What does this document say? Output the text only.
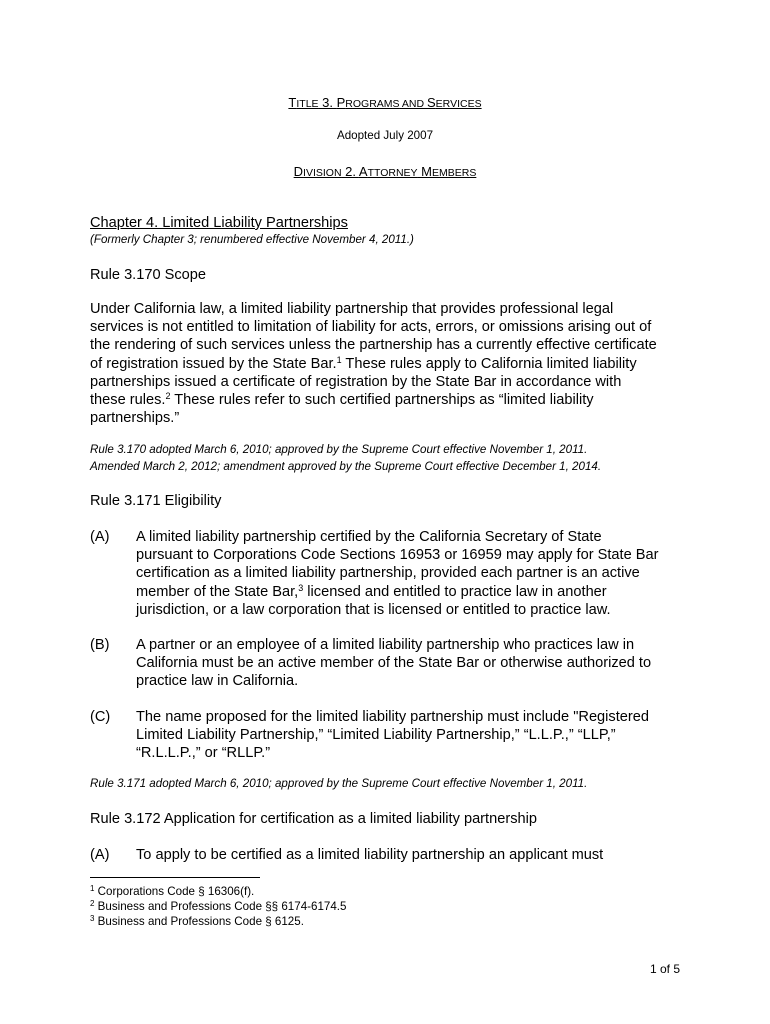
TITLE 3. PROGRAMS AND SERVICES
Adopted July 2007
DIVISION 2. ATTORNEY MEMBERS
Chapter 4. Limited Liability Partnerships
(Formerly Chapter 3; renumbered effective November 4, 2011.)
Rule 3.170 Scope
Under California law, a limited liability partnership that provides professional legal
services is not entitled to limitation of liability for acts, errors, or omissions arising out of
the rendering of such services unless the partnership has a currently effective certificate
of registration issued by the State Bar.$^1$ These rules apply to California limited liability
partnerships issued a certificate of registration by the State Bar in accordance with
these rules.$^2$ These rules refer to such certified partnerships as “limited liability
partnerships.”
Rule 3.170 adopted March 6, 2010; approved by the Supreme Court effective November 1, 2011.
Amended March 2, 2012; amendment approved by the Supreme Court effective December 1, 2014.
Rule 3.171 Eligibility
(A) A limited liability partnership certified by the California Secretary of State
pursuant to Corporations Code Sections 16953 or 16959 may apply for State Bar
certification as a limited liability partnership, provided each partner is an active
member of the State Bar,$^3$ licensed and entitled to practice law in another
jurisdiction, or a law corporation that is licensed or entitled to practice law.
(B) A partner or an employee of a limited liability partnership who practices law in
California must be an active member of the State Bar or otherwise authorized to
practice law in California.
(C) The name proposed for the limited liability partnership must include "Registered
Limited Liability Partnership,” “Limited Liability Partnership,” “L.L.P.,” “LLP,”
“R.L.L.P.,” or “RLLP.”
Rule 3.171 adopted March 6, 2010; approved by the Supreme Court effective November 1, 2011.
Rule 3.172 Application for certification as a limited liability partnership
(A) To apply to be certified as a limited liability partnership an applicant must
$^1$ Corporations Code § 16306(f).
$^2$ Business and Professions Code §§ 6174-6174.5
$^3$ Business and Professions Code § 6125.
1 of 5
